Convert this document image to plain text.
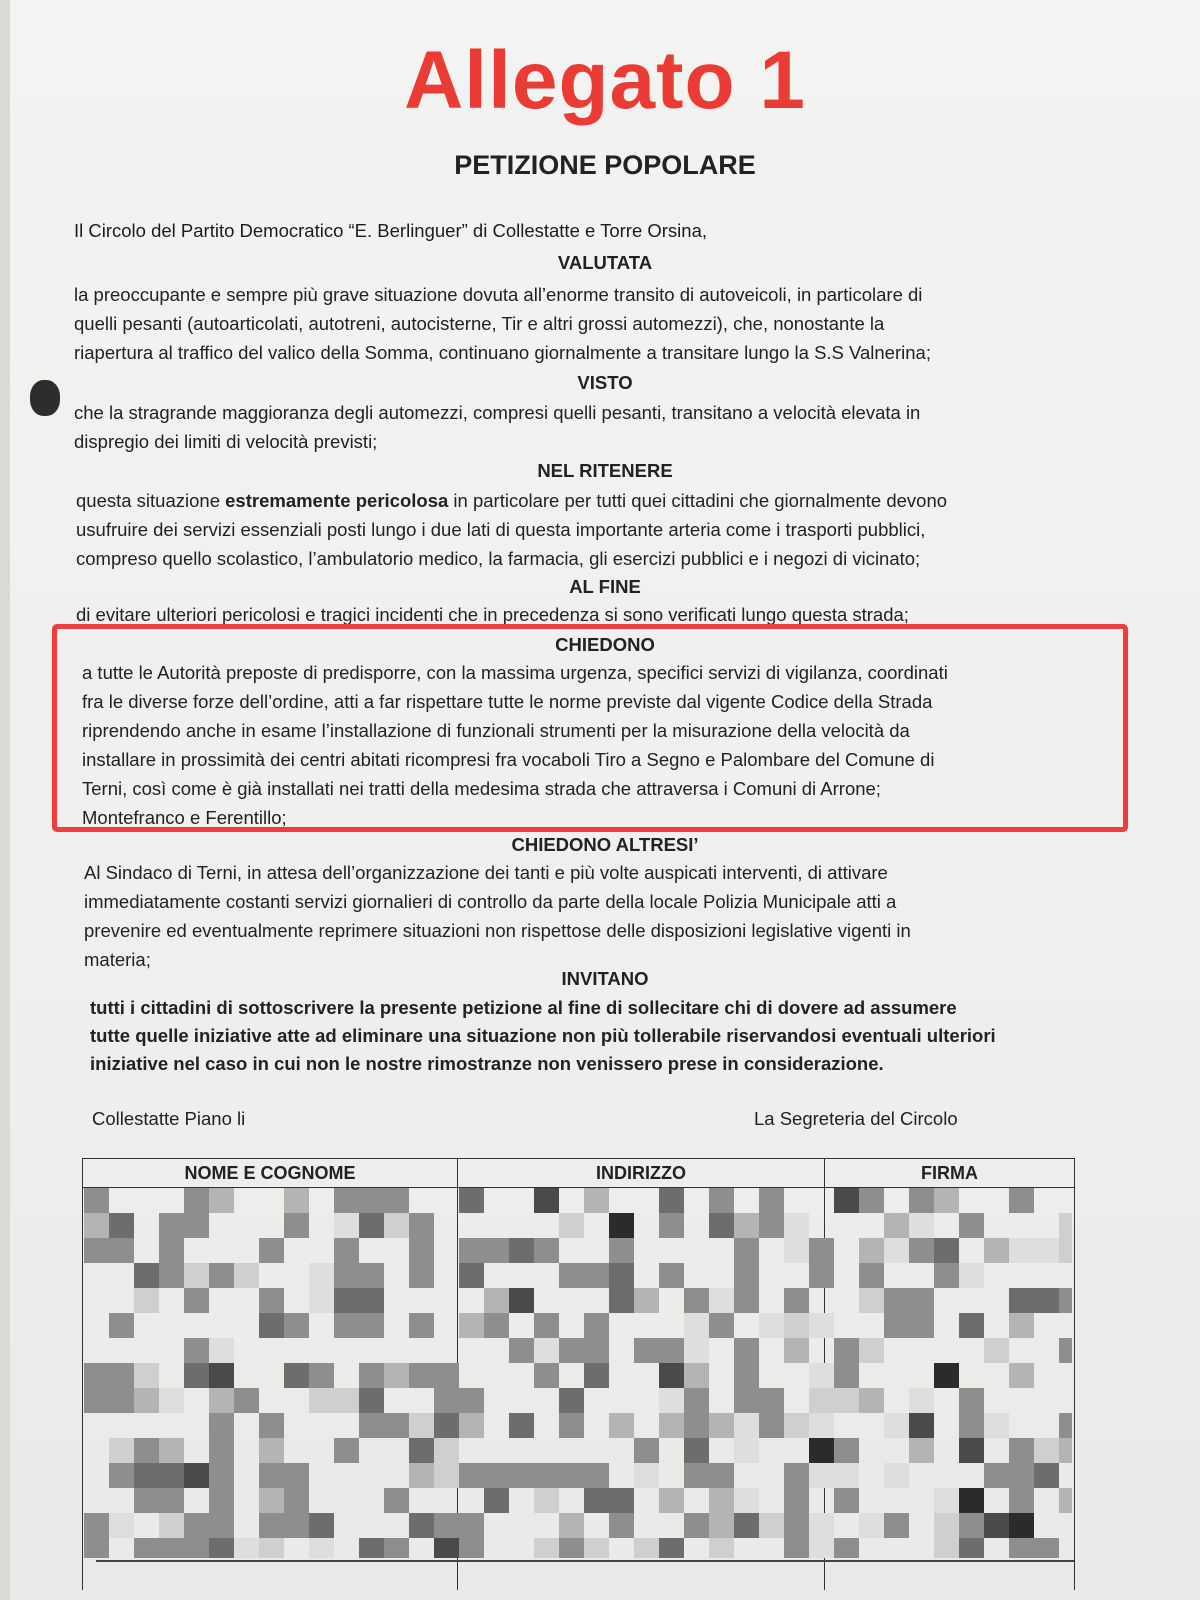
Allegato 1
PETIZIONE POPOLARE
Il Circolo del Partito Democratico “E. Berlinguer” di Collestatte e Torre Orsina,
VALUTATA
la preoccupante e sempre più grave situazione dovuta all’enorme transito di autoveicoli, in particolare di
quelli pesanti (autoarticolati, autotreni, autocisterne, Tir e altri grossi automezzi), che, nonostante la
riapertura al traffico del valico della Somma, continuano giornalmente a transitare lungo la S.S Valnerina;
VISTO
che la stragrande maggioranza degli automezzi, compresi quelli pesanti, transitano a velocità elevata in
dispregio dei limiti di velocità previsti;
NEL RITENERE
questa situazione estremamente pericolosa in particolare per tutti quei cittadini che giornalmente devono
usufruire dei servizi essenziali posti lungo i due lati di questa importante arteria come i trasporti pubblici,
compreso quello scolastico, l’ambulatorio medico, la farmacia, gli esercizi pubblici e i negozi di vicinato;
AL FINE
di evitare ulteriori pericolosi e tragici incidenti che in precedenza si sono verificati lungo questa strada;
CHIEDONO
a tutte le Autorità preposte di predisporre, con la massima urgenza, specifici servizi di vigilanza, coordinati
fra le diverse forze dell’ordine, atti a far rispettare tutte le norme previste dal vigente Codice della Strada
riprendendo anche in esame l’installazione di funzionali strumenti per la misurazione della velocità da
installare in prossimità dei centri abitati ricompresi fra vocaboli Tiro a Segno e Palombare del Comune di
Terni, così come è già installati nei tratti della medesima strada che attraversa i Comuni di Arrone;
Montefranco e Ferentillo;
CHIEDONO ALTRESI’
Al Sindaco di Terni, in attesa dell’organizzazione dei tanti e più volte auspicati interventi, di attivare
immediatamente costanti servizi giornalieri di controllo da parte della locale Polizia Municipale atti a
prevenire ed eventualmente reprimere situazioni non rispettose delle disposizioni legislative vigenti in
materia;
INVITANO
tutti i cittadini di sottoscrivere la presente petizione al fine di sollecitare chi di dovere ad assumere
tutte quelle iniziative atte ad eliminare una situazione non più tollerabile riservandosi eventuali ulteriori
iniziative nel caso in cui non le nostre rimostranze non venissero prese in considerazione.
Collestatte Piano li	La Segreteria del Circolo
NOME E COGNOME	INDIRIZZO	FIRMA
